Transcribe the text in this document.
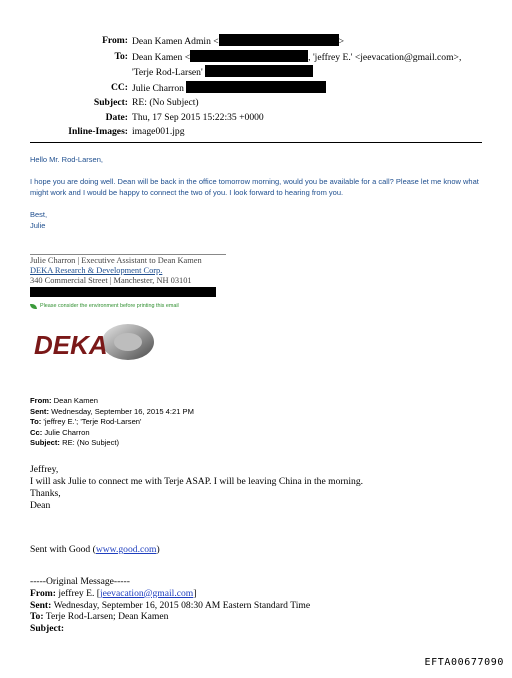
From: Dean Kamen Admin <	>
To: Dean Kamen <	, 'jeffrey E.' <jeevacation@gmail.com>, 'Terje Rod-Larsen'
CC: Julie Charron
Subject: RE: (No Subject)
Date: Thu, 17 Sep 2015 15:22:35 +0000
Inline-Images: image001.jpg
Hello Mr. Rod-Larsen,
I hope you are doing well. Dean will be back in the office tomorrow morning, would you be available for a call? Please let me know what might work and I would be happy to connect the two of you. I look forward to hearing from you.
Best,
Julie
Julie Charron | Executive Assistant to Dean Kamen
DEKA Research & Development Corp.
340 Commercial Street | Manchester, NH 03101
Please consider the environment before printing this email
DEKA
From: Dean Kamen
Sent: Wednesday, September 16, 2015 4:21 PM
To: 'jeffrey E.'; 'Terje Rod-Larsen'
Cc: Julie Charron
Subject: RE: (No Subject)
Jeffrey,
I will ask Julie to connect me with Terje ASAP. I will be leaving China in the morning.
Thanks,
Dean
Sent with Good (www.good.com)
-----Original Message-----
From: jeffrey E. [jeevacation@gmail.com]
Sent: Wednesday, September 16, 2015 08:30 AM Eastern Standard Time
To: Terje Rod-Larsen; Dean Kamen
Subject:
EFTA00677090
